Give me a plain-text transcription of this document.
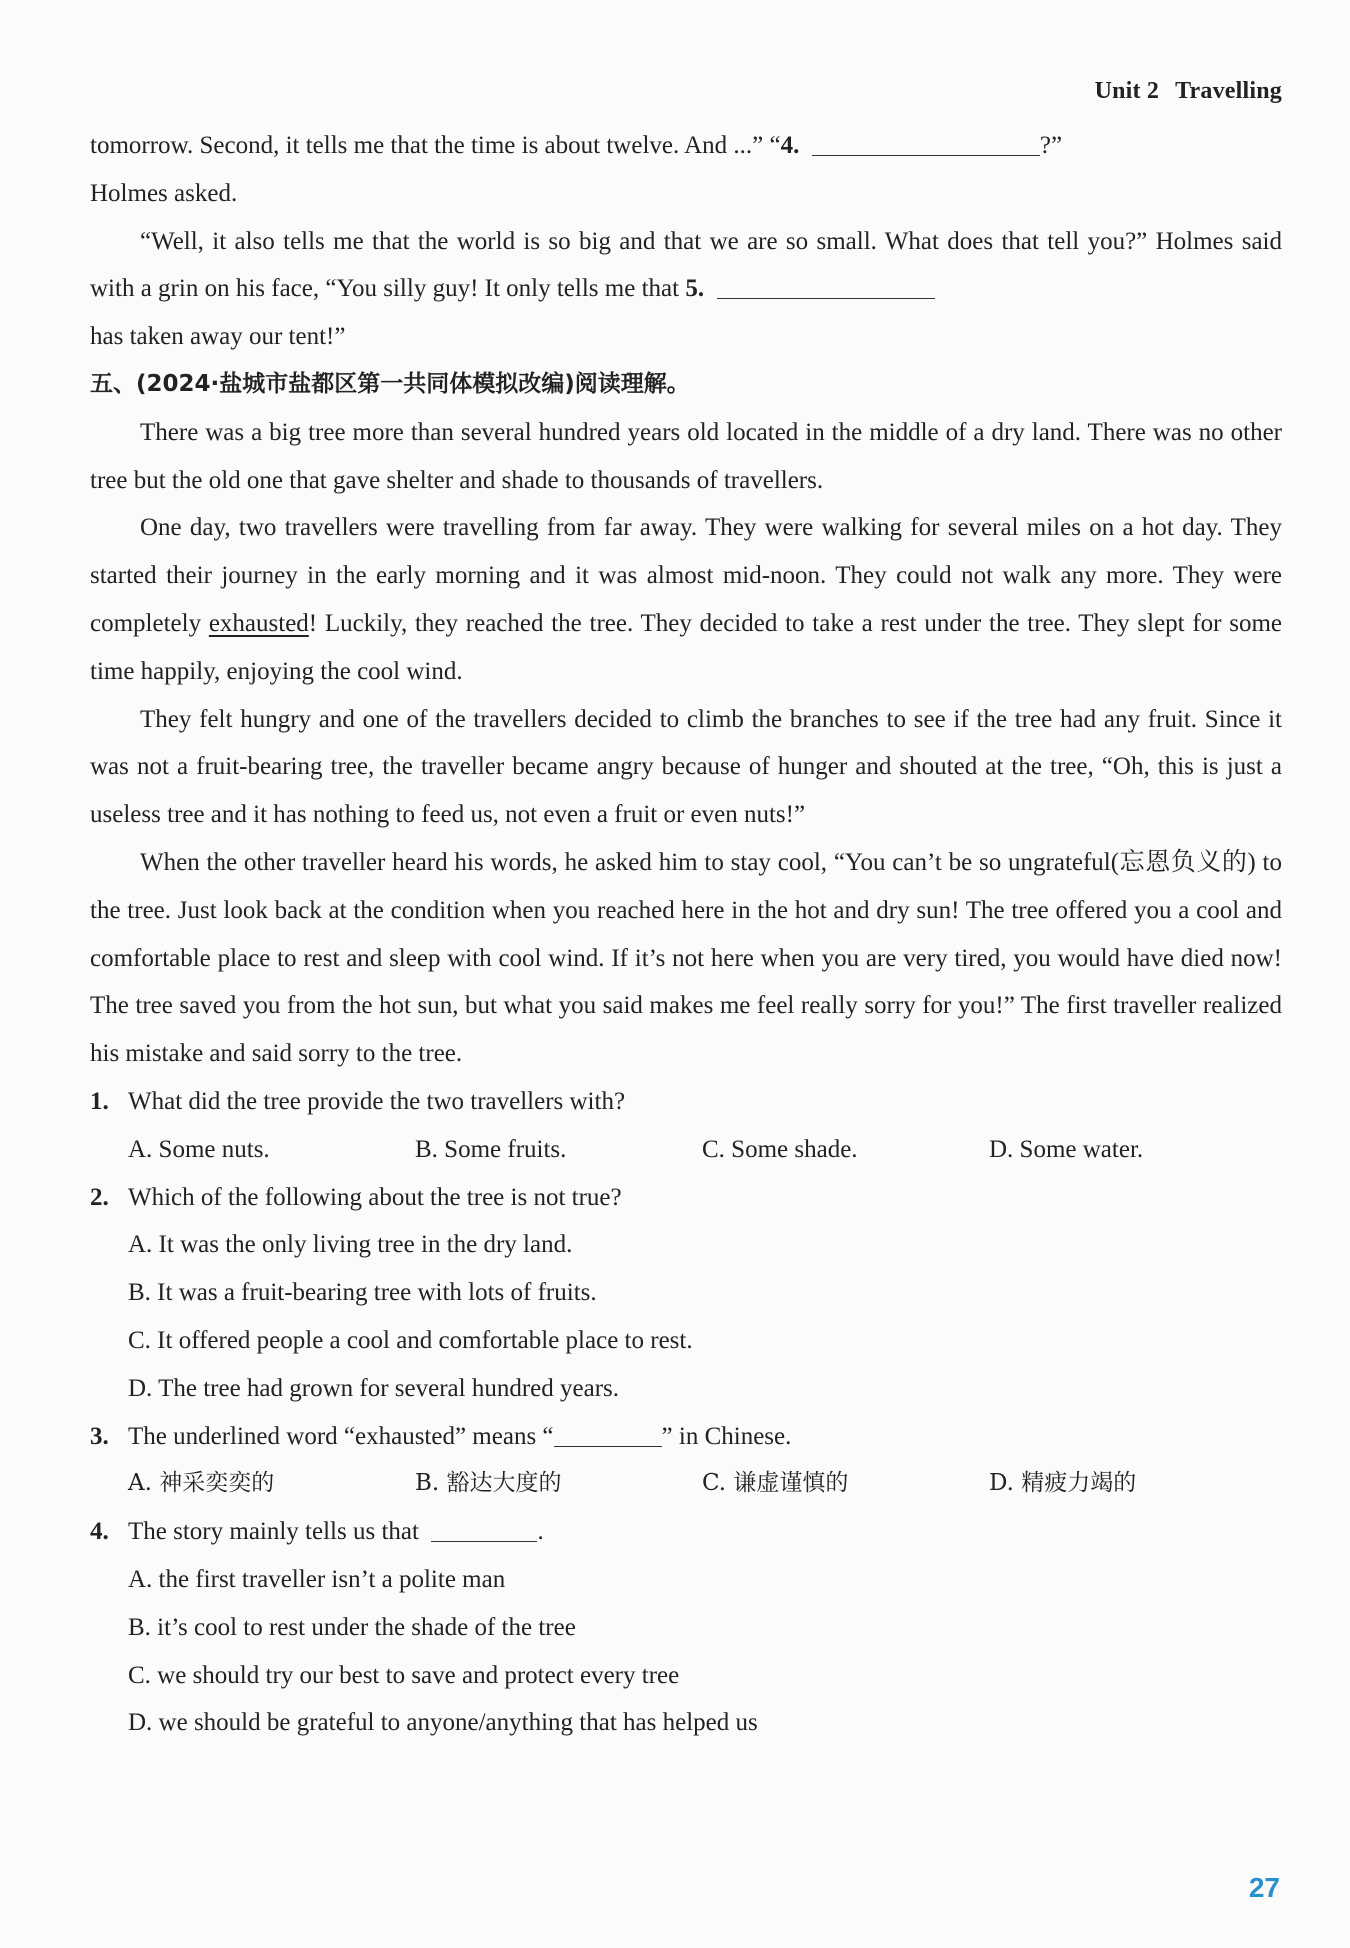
Unit 2 Travelling

tomorrow. Second, it tells me that the time is about twelve. And ...” “4.	?”

Holmes asked.

“Well, it also tells me that the world is so big and that we are so small. What does that tell you?” Holmes said with a grin on his face, “You silly guy! It only tells me that 5.
has taken away our tent!”

五、(2024·盐城市盐都区第一共同体模拟改编)阅读理解。

There was a big tree more than several hundred years old located in the middle of a dry land. There was no other tree but the old one that gave shelter and shade to thousands of travellers.

One day, two travellers were travelling from far away. They were walking for several miles on a hot day. They started their journey in the early morning and it was almost mid-noon. They could not walk any more. They were completely exhausted! Luckily, they reached the tree. They decided to take a rest under the tree. They slept for some time happily, enjoying the cool wind.

They felt hungry and one of the travellers decided to climb the branches to see if the tree had any fruit. Since it was not a fruit-bearing tree, the traveller became angry because of hunger and shouted at the tree, “Oh, this is just a useless tree and it has nothing to feed us, not even a fruit or even nuts!”

When the other traveller heard his words, he asked him to stay cool, “You can’t be so ungrateful(忘恩负义的) to the tree. Just look back at the condition when you reached here in the hot and dry sun! The tree offered you a cool and comfortable place to rest and sleep with cool wind. If it’s not here when you are very tired, you would have died now! The tree saved you from the hot sun, but what you said makes me feel really sorry for you!” The first traveller realized his mistake and said sorry to the tree.

1. What did the tree provide the two travellers with?
A. Some nuts.	B. Some fruits.	C. Some shade.	D. Some water.
2. Which of the following about the tree is not true?
A. It was the only living tree in the dry land.
B. It was a fruit-bearing tree with lots of fruits.
C. It offered people a cool and comfortable place to rest.
D. The tree had grown for several hundred years.
3. The underlined word “exhausted” means “	” in Chinese.
A. 神采奕奕的	B. 豁达大度的	C. 谦虚谨慎的	D. 精疲力竭的
4. The story mainly tells us that	.
A. the first traveller isn’t a polite man
B. it’s cool to rest under the shade of the tree
C. we should try our best to save and protect every tree
D. we should be grateful to anyone/anything that has helped us
27
